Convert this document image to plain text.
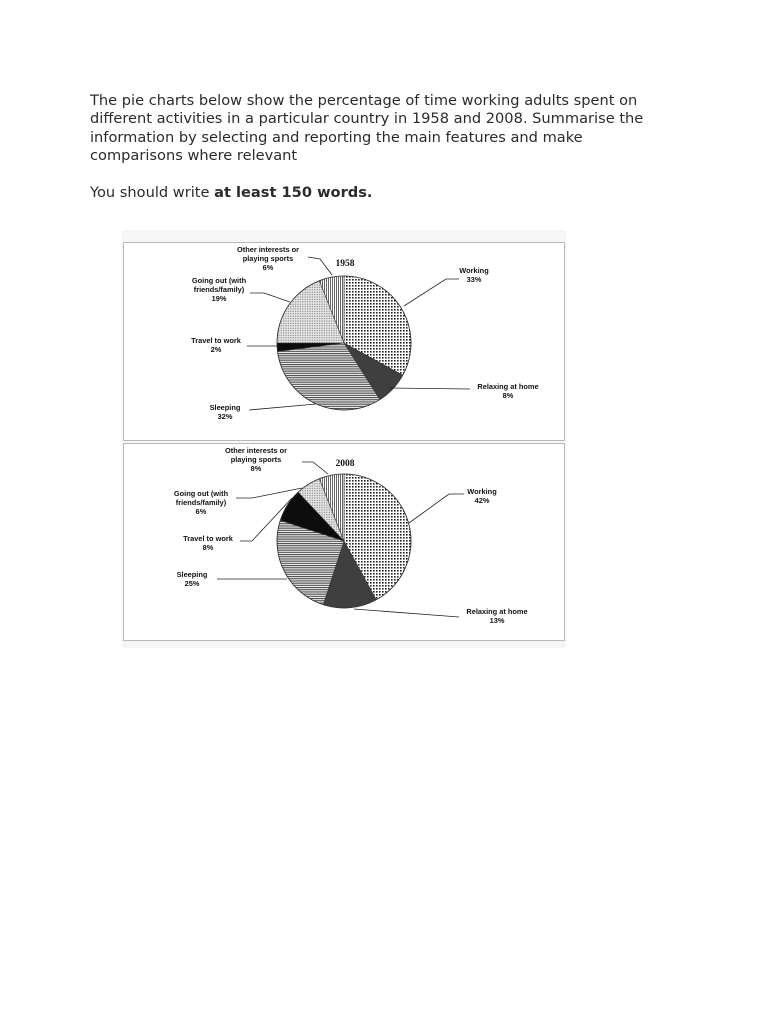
The pie charts below show the percentage of time working adults spent on different activities in a particular country in 1958 and 2008. Summarise the information by selecting and reporting the main features and make comparisons where relevant

You should write at least 150 words.

1958
Working
33%
Relaxing at home
8%
Sleeping
32%
Travel to work
2%
Going out (with
friends/family)
19%
Other interests or
playing sports
6%
2008
Working
42%
Relaxing at home
13%
Sleeping
25%
Travel to work
8%
Going out (with
friends/family)
6%
Other interests or
playing sports
8%
